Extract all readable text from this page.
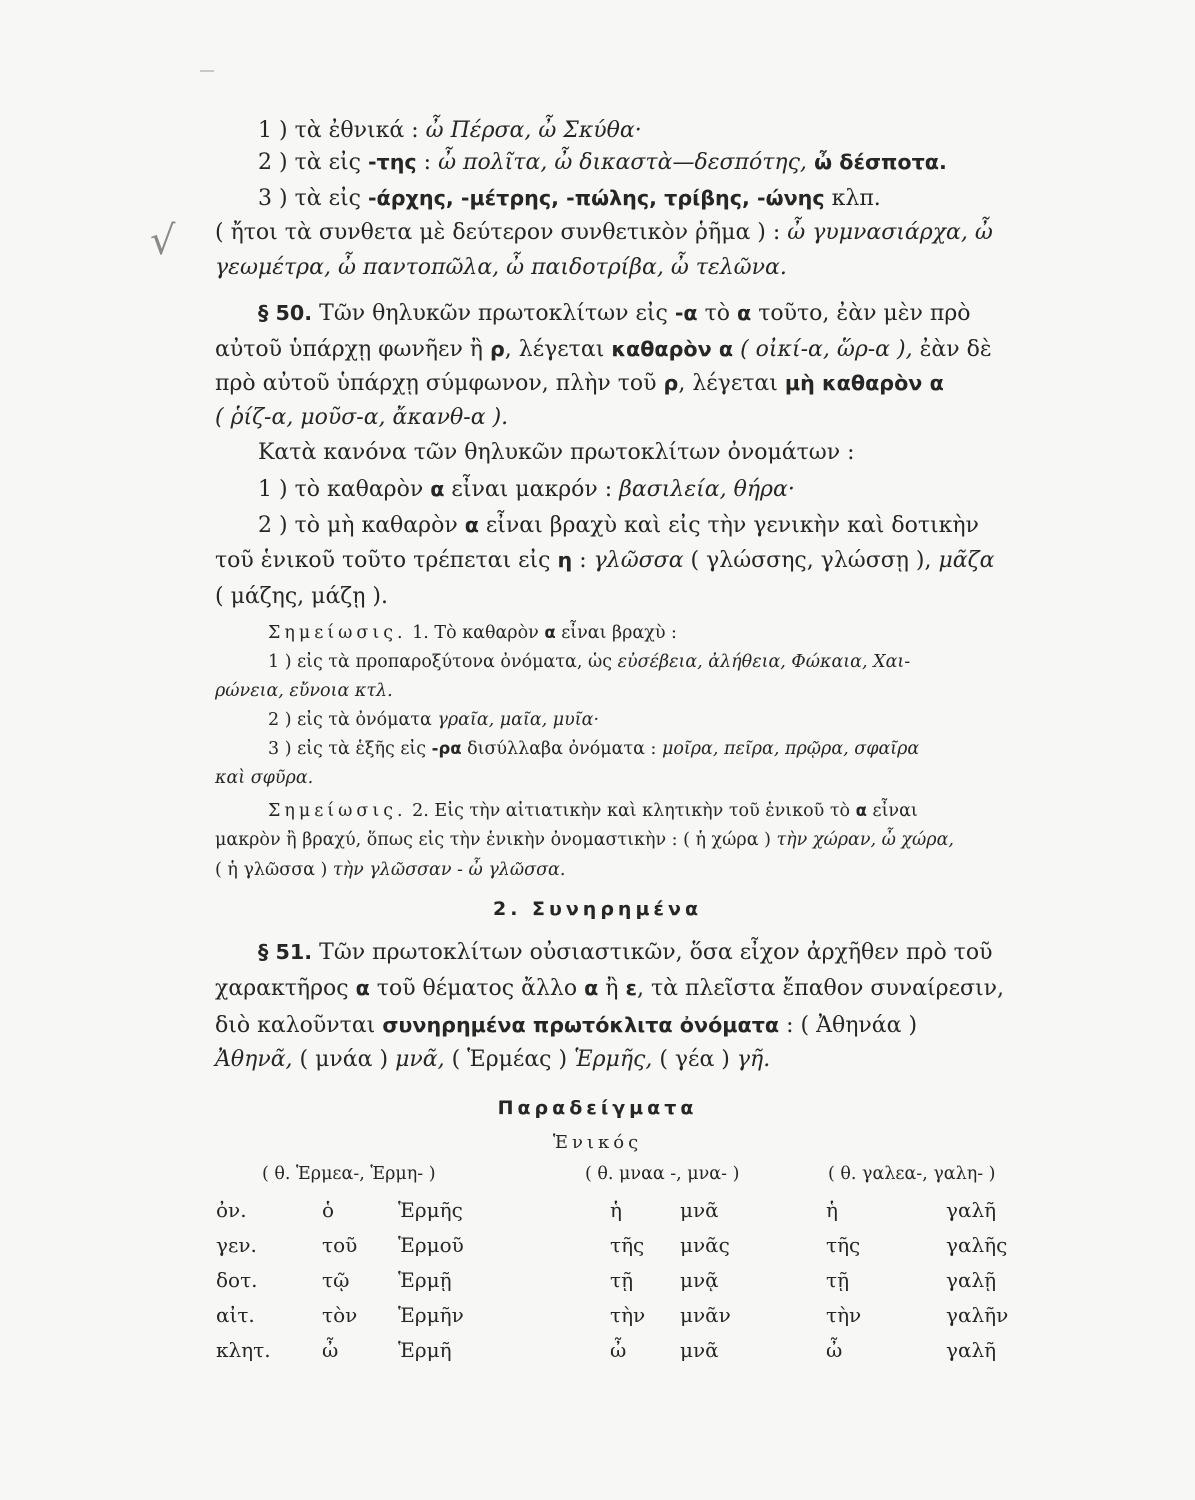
√
1 ) τὰ ἐθνικά : ὦ Πέρσα, ὦ Σκύθα·
2 ) τὰ εἰς -της : ὦ πολῖτα, ὦ δικαστὰ—δεσπότης, ὦ δέσποτα.
3 ) τὰ εἰς -άρχης, -μέτρης, -πώλης, τρίβης, -ώνης κλπ.
( ἤτοι τὰ συνθετα μὲ δεύτερον συνθετικὸν ῥῆμα ) : ὦ γυμνασιάρχα, ὦ
γεωμέτρα, ὦ παντοπῶλα, ὦ παιδοτρίβα, ὦ τελῶνα.
§ 50. Τῶν θηλυκῶν πρωτοκλίτων εἰς -α τὸ α τοῦτο, ἐὰν μὲν πρὸ
αὐτοῦ ὑπάρχῃ φωνῆεν ἢ ρ, λέγεται καθαρὸν α ( οἰκί-α, ὥρ-α ), ἐὰν δὲ
πρὸ αὐτοῦ ὑπάρχῃ σύμφωνον, πλὴν τοῦ ρ, λέγεται μὴ καθαρὸν α
( ῥίζ-α, μοῦσ-α, ἄκανθ-α ).
Κατὰ κανόνα τῶν θηλυκῶν πρωτοκλίτων ὀνομάτων :
1 ) τὸ καθαρὸν α εἶναι μακρόν : βασιλεία, θήρα·
2 ) τὸ μὴ καθαρὸν α εἶναι βραχὺ καὶ εἰς τὴν γενικὴν καὶ δοτικὴν
τοῦ ἑνικοῦ τοῦτο τρέπεται εἰς η : γλῶσσα ( γλώσσης, γλώσσῃ ), μᾶζα
( μάζης, μάζῃ ).
Σημείωσις. 1. Τὸ καθαρὸν α εἶναι βραχὺ :
1 ) εἰς τὰ προπαροξύτονα ὀνόματα, ὡς εὐσέβεια, ἀλήθεια, Φώκαια, Χαι-
ρώνεια, εὔνοια κτλ.
2 ) εἰς τὰ ὀνόματα γραῖα, μαῖα, μυῖα·
3 ) εἰς τὰ ἑξῆς εἰς -ρα δισύλλαβα ὀνόματα : μοῖρα, πεῖρα, πρῷρα, σφαῖρα
καὶ σφῦρα.
Σημείωσις. 2. Εἰς τὴν αἰτιατικὴν καὶ κλητικὴν τοῦ ἑνικοῦ τὸ α εἶναι
μακρὸν ἢ βραχύ, ὅπως εἰς τὴν ἑνικὴν ὀνομαστικὴν : ( ἡ χώρα ) τὴν χώραν, ὦ χώρα,
( ἡ γλῶσσα ) τὴν γλῶσσαν - ὦ γλῶσσα.
2. Συνηρημένα
§ 51. Τῶν πρωτοκλίτων οὐσιαστικῶν, ὅσα εἶχον ἀρχῆθεν πρὸ τοῦ
χαρακτῆρος α τοῦ θέματος ἄλλο α ἢ ε, τὰ πλεῖστα ἔπαθον συναίρεσιν,
διὸ καλοῦνται συνηρημένα πρωτόκλιτα ὀνόματα : ( Ἀθηνάα )
Ἀθηνᾶ, ( μνάα ) μνᾶ, ( Ἑρμέας ) Ἑρμῆς, ( γέα ) γῆ.
Παραδείγματα
Ἑνικός
( θ. Ἑρμεα-, Ἑρμη- )	( θ. μναα -, μνα- )	( θ. γαλεα-, γαλη- )
ὀν.	ὁ	Ἑρμῆς	ἡ	μνᾶ	ἡ	γαλῆ
γεν.	τοῦ Ἑρμοῦ	τῆς μνᾶς	τῆς	γαλῆς
δοτ.	τῷ Ἑρμῇ	τῇ μνᾷ	τῇ	γαλῇ
αἰτ.	τὸν Ἑρμῆν	τὴν μνᾶν	τὴν	γαλῆν
κλητ.	ὦ	Ἑρμῆ	ὦ	μνᾶ	ὦ	γαλῆ
